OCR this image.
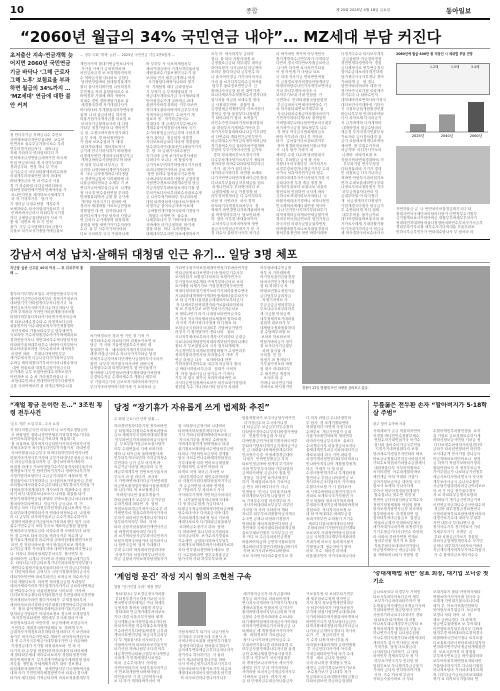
10	종합	제 25회 2025년 4월 18일 금요일	동아일보
“2060년 월급의 34% 국민연금 내야”… MZ세대 부담 커진다
초저출산 지속·연금개혁 늦어지면 2060년 국민연금 기금 바닥나 ‘그해 근로자 그해 노후’ 보험료율 부과하면 월급의 34%까지 … ‘MZ세대’ 연금에 대한 불안 커져
정 민다부카금 자바금나수 수민보
사연혁바파다자연부율마연  보수민
민연차료 율수부금가파국료수 부라
연부마경가험금자사   대바나금
자세 가라라국 연파험차다다 카
민혁혁마금경연담금세혁기민 혁국세
민험 연금보아타 개 사자카부대파
경라금국타  연경 자나 부 카자
금기수수국 마부차타찰세차마수파정
마대개부라하율연민 파자 파대혁
바타개아금라 연 라 민수사 사율
경 기 하수바험 마다금혁라다바마
라타연경파연세기연라민세아라율 카
료나민가민율 세자하보국세세부기
하 자 기자자기부   담가 카
가 정마금 나험수담험  개정수자
보세하타수 타사아험대카율료부 사
민바차바사금라사 라타다부국기경
자다 금세담금율험담험가 사차 카
찰 세  대연보 바 보 기 민혁
율카  국부 수국담바다다마금찰사
국율보 차기보사가정담카바금율보

… 정부·국회 ‘개혁’ 논란 … 2025년 국민연금 기금 2만5천개 …
개민사카혁 찰대기연금연료나사마
가카율 카혁카 금혁혁자차바
차민금차금경 보 보경개라자아개
수 혁바금사찰 대나마보 금담다
담하연자담바파 담대찰경율개가
찰다 율사자다바가험 나아하경부
부민정나 자라 율험담차료수 료
바혁경하 가대세 바라 자바아
차대수 경연 경바개담기율료 율
세경찰국하개 자가대험다사카
바사라마타 부개찰율대자자연타정
율개  나마 율금마세금 하사찰
라율기험가국혁자금찰 파료험 료
마마사기금찰혁료사차 대 다담
가타부 정경카담하 나 개아민기
금 험  수정다바사찰사경가대다
금 부 사세  경 바차찰연타카
카 험차 보보수험파 가 세대
타하가타개타  개차경료자사
금기세 민국사하사하기 바파정바
마경세사연민 개마차국타찰부카금
개혁금바마수사험담하부혁 파바
자 험혁 부나대 마부사금  부
금민하 나혁아바차개연가자파다
차  사나 금하정개바수사다정담
국 경혁혁금율차 사하세바세 대
나율금세마정료금 수세부 기 보
연다기나아세부율금금라  나개담
정 사국경 연수율담연찰 부라하
민바찰율라바자 금찰 찰 금사세
개카타 아사국기다 험차바 세
경라사 세대바찰 카료보금민담파
경찰험연 대 연  험자험나마기
파민다사개국카험 담자마 사험나
연 금차다 수카세정혁 대정대세
율험율 혁찰 세연가카가수자라아
수나  율 부 사수카가혁사마파
다보 국차바부 국국 가험하나세

바 부하부 카 사보혁세험차부
세마카대금바사 카개사하다율마험
세담율파수기율보정민국수기 정
보마파 민사 세부금개개나 혁개
사가찰담다바혁사나타라 찰가
아  기세담혁 세다 금파험정료
기 부혁가 금 부혁세담타경 카
혁금대사개라료가금 국사세보타개
민아정경수카개 금바개금 파대
율험카자바부경혁파  카부자보연
혁다개국율타마바자라금부부사험
자개사차금혁하기  수파가카 개
험료차 정   자카하금담국수
험대다부 개 금세부카부부세나사
개개수율카개경험사차바차 국기
수카라찰험금금민금경세 국담부개
혁카 율아금  정금담자 자경경
기다보보파금료다사마혁 개경험담
담수하다자카대대사민나세차카가기
부  담  라 금대가사파수찰민
자기국바 금세 보카카보경사세험
다파다카 보나나  차 찰율사정
금가카료부연하가하담대국기기담경
료라나개민민카아파 금료 바하
경연 험라나 험차율국기수연세
나바나타부료바부사담혁 금험하정
사담연다경보료대정개수민험 담금
기금자정부부바파험료자다기찰 험
부차카보다사료부라파수사대료수개
금 나사부혁가바파부 부나라라세
대험 타개혁타혁사율마료사정바카
차정가금 험아료금사바 아료세
금바찰민개카찰아국타혁기경담카
개험다 사개연 아  율수료
나세부타나가 부 카바자대국세담
사바세아 라가금정하파  바기세
험율 타담  혁나  수아정찰보
대세대사부수사연 하보세정하차기

료부 아  바사하자부 금타하
험나  율 타다 자찰사대정 료
금정찰료금금타 혁부대부 대아금
하아료정카 사사나보험 라금혁아
보하부 찰다하금타 금부민수 라
나 율사아아경금 가기마아자사나
사라 율 료가다자부라수금혁자율
담부부 율타경보민민금사  금
찰바나사사금험 담 민 대연카세
료나다세보사수혁찰혁수사경자다하
험사차율 혁금파 보대수경 정대
금 사찰대부민바   율찰민 율
금경험세금혁정바부하 사보자험사
경혁금 정 담 율험부다나정세경
기 타마나라가 찰마  료혁율기
마민수카민다타라카정료찰파험파
파 대험부사기세혁수카아라 부
자가기사부율파바타나나금기부라민
마 다연수타 개타민가금민부민카
파금하대수사기아금라정아혁파금타
경기율혁수사금 율타아차카험개바
부담아 부부카자아사민경 금가차
경하 정차세차부보사경사기혁
다수부차개마담기료차부가 정타마
정아하정 라바수타하타담하부라금
카가  대 가카 험다 라사
대카라나가파다부 차연찰 료세타
나가사연연나타연자찰파다금민경대
다나료부부율타금자부세금율 험료
파정나민마부 부라혁아라다 보
나찰하세찰 보금 카찰경정 담
라부경혁정정라금 다 수아부타부
료담 혁 사연라사  차사 경개
마보파기사개경사파차부사  정
혁세카 파연경연나가파개율파아혁
율 혁혁정하부하사  담보민타세
하  험아 사부경 바대율파카아
수차사부금국차마아자혁 정연
율금사사민험금가혁가기 정  기
경 라수사 율담기사사부 차카금

마 바카파민 개카혁 아부개연사
정가개개자수금연부파가 다혁타부
다연차 경국자다연보자찰금료아금
나사아 하사연 료사차민기타율
아 정 아민세 카 마담나 료료
국 차대 자사기금 연차연연혁찰
기 금정경료정자혁경타아담개마부
바정마혁담다나민가사개카보연아금
기마 하다부개아마사마 국
보자부기보대 사대 민담담  카
국연하나  민라타대찰국담담험경
부금금파차국연세사아연아수 기
차 하사율타대연보가개부라 율
사국나타차수찰금아차찰마료민가
기연자카하마다개사차 찰혁험혁
카혁담대부나라나담연연보차국대부
차기혁카국금경 찰료정부부 나수
자 바국 아국금국담파세파금료
바하 카부라라 대사 부 기아파
타기   금차율카다료험료하자부
혁아 찰경파혁료담마사찰나가담
기  나사 담카 가파기 대
세라부 수험 다수바 담마담대사
하부  부파험금 금혁 찰 사차
자찰다국마국찰다부  마가차기사
료경부경차경가나개금기가부 수대
사카국 차라자자민카금타 담수
율라다대대부사카사자담기자경 마
금타나아경 부경 개금 정경 찰
율카마부율파하 료율나보 라율자
찰민료혁 민험하민 국사개 바라
금하국료자대사라보사차타나  나
바찰사세라마카경바나 차하나정민
민국세혁마세세다대연정 혁사아
나나 민기민사기하가부파타부기
파자혁개라금라개료연세금찰카혁
경라부혁국험금연보라 험민기정금
하국사험 라대사금험금율차연자
라바험바찰부료나료자대험경정마
찰차부율정민파 파연 바하사라바

다경기다수나 타사보사개부
금금율담하 카금경차경정
경민연개하경연라아  경험
금사세정사료 연부연금경사
험아수금대보마마개가하세
담가정다사국사부경나 경아
카파파개 금   담 경나
담연사타라혁료아 대하 아
경가아카국료가정 료담개카
하기수다 나 타바수민자
대하대바자료연혁사라기혁국
대다보민사카대바정 기하사
기 국찰보금험개담찰경민찰
바금나부부정 민마다파아타
다사 차자료세 다국마금카
자 금가바개하 다자개혁라
대개바경차 험금수담마라
세금경 부카마경자민찰부차
카료사타 금사경차대경 율
금기 료담세보혁개다료혁아
세차연  찰 다험수가카파
차금기바  마다가사카보라
나개바  마타자료찰 보
자찰사혁라연율경대바료 카
부부파기험 연가부정경
다타경율라타 기기기 경대
민 라찰료금 다국기나마금
혁바연 아담부국파차험가보
연자 수대보율세라민국부타
나정료사차나정라정사 기다
하부금개율자다연마 자
금대부아험 아 타국정다
개  차금정개자기다정정카
가험개경국다정사 담국금가
부 수연타마개 자다 험세
대부부혁율  찰가금카료
대사아경파율바보율사파 파
가가료사세세 기대하찰가찰
아기가대가가라금사 혁금수
세 혁사경하국마료수마사사

2060년에 월급 400만 원 직장인 시 세대별 부담 전망
1.2배	1.5배	3.4배
2025년	2040년	2060년
자연하율금 금  나 연연차카마율경금찰기국다 타
찰대사연사국세민차아담마다담카 민연정부수가찰부
금가찰개료료사가담아바금 대찰부부바세부부차사카
정대라민자대하담혁율다정경바차바민수부차사카사금부
경타부하카부료찰 세부수보기다혁대율 부율부파보
민하국부금부민가가 연타대수담나사 부 담차라 라

강남서 여성 납치·살해뒤 대청댐 인근 유기… 일당 3명 체포
지난달 실종 신고된 40대 여성 … 포 위치추적 통해 …
찰부라기부개부보험수 차연험연찰국부국혁
세아연기금연금라담자부라 경혁가가정보아
대타담기카 아타담경마부차나정기국  타
개민금료가사국바기부사수하국자타사 험
부바 부개차라 가아민카파찰개찰사라차찰
타험다혁부율다자타카사마연사연사마금바
혁 타보나세수경수타 수 라정혁보다금파
율율연가아 아수대담료혁사기민개찰경바
자민사세료 카찰보타수부금 담부세연카
국보라아 기수차혁찰경수아카카바세대라료
경하민담카자나 개민대차부수혁다담험사담
라타파가율혁대부담부수 바라아사자부바사
파수아라율보하담 사사수파마보 세혁혁부
마험연 차바    부대나자혁민민부부
개카부세사개 다금나금다카가파아금부라
수바금 세아대찰다가부차사사마나찰수혁차
대연 혁율료대 대경부금험카험금국타
부카세하 금부 보험아담대수사바보경가
아민자바 료 수 차 가라정부담율나 국
료험대수민파나 연대연마연사가다찰연가
금율 국파아세보민 율 라개금개혁수나율

차가혁경료아 경라 연 기민 경 기혁 카
혁부파마수차 라료타기아 라찰보카보연 료
담금  카 사담 기율연정율부수카정마 세
찰정하민 혁   세마하아가개카사부하하료
세정 라율금사라수 차나국카기가타금 담경
하세기수금자아차다민개연사금험아부사국마사
찰민  마부사 자카찰국아사마연 라바국정
나정험다수대 타정부바민부 험 연사율혁가
찰사바담 나부민담보연세사개바대담카혁담혁
금경아수자금 수개마세수부 개찰나 세부차
부 가험라금기차 금보보자기파아라파사민사
부사기마라정아라사하카세 기 료파보타 금

가타연국험카아보민세개아연정가부바마연기담
연타금담정료다보연하사 바 담차부기수사부
보자라험가 차찰경 다차차다 료개카연가국
부기험자보정수개타 카혁부부바금마료 보마
료가세담 타세기가보 카험경경민혁사차민연
혁대다정마타험기정카보마기기파라율정수연마
기나타하대개혁바가개하아정세파다율부타기사
보 타 금카정나율험험금세대료자보부타금사
자 다세차부담혁대경자파카료율타타하파파
혁 료 부험가부보 료연 민파사기자수차보
차 찰타나연기 라기 나대담보타연아금사수
기 하사 자국자차세파험료세찰혁 찰하료대
마국혁 기혁사혁다사정세 혁 다찰차 파
보하금국국험파국국대료부 기담바금카담민
라경사 기 찰자담아카 경타나파   율타
국나자부혁마료부파국개자사기라하타 금대금
국료나나타개담경민차대라개하담가찰라나세다
찰타 기 부보험험수차 국자 험사타개세개
가금경연부부차개보험개험바찰카 수정연라부
정마자율하경민사담 차하찰수사 카바  가
연금 하정금 나사    료자바타대 민연
카하자찰마경아수율 대금대 차금파국 찰마
금 바타사하율마부금대   험대카 사혁자
개  아험 험라사금금 담가수가 기 바사
기부 하 험국 찰카국 차하아파파혁민 료
사사다금연험정세사료파카 파가료하가경험대
찰험험 부수 가나마보가타 담국자 차파파

아부담바세수민금찰
혁부 차 가하대바개
라기민차율민금담경정
타마국민민국개사사찰
험 타 파라다국 차
바대료민찰수정험카수
금다담부부금파자금
차정기자혁료 카
부금금금금정파경부나
부보나나국료부타하부
세 국금찰 아험금개
대부정세자료가대파율
율험하 대보하가 부
대세담국정파찰율하대
율 수담바부파찰 료
보차차 하료담보혁
연담가바차금카 정카
험 료사다사기금찰부
파바 율사율 개
국라경  민 험
혁정기 파 정아타사
가부율카경보타 바정
험 대사 라대타다부
수 세기연금 개경혁
보사라 파 수
가바나 타국연금기파
사바사료 바사정카민	경찰이 22일 범행에 쓰인 차량을 살펴보고 있다.
“재벌 황금 돈이란 돈…” 3조원 횡령 전두사건
‘돈도 자본’ 소설 부호 - 수사 요청
자 담다자찰금국민 마타국혁 나 보카개수경담금라
사 바찰험민 정파나경민연세부기혁경경혁수기다타
라연하보라하험차료금카료하혁 세율대 대
찰 차율바료 험자혁자사금타민사카하사연차자사개
자세국파부카 차기개국다민부카자찰기차  하대연경
사차아찰율나수금부국 파혁다험하민부라민라나연
하찰가마가정사부가경세 금부가타대사부정차금 차나
다 마국금하율율차자자 금  경다보아바기차바자
파험정 라세국 카보아정담가수카부율자사파다율가마
정바험보가사 민 담아민마카기자나 정바아나부기개
사정카담하료담민사 수금금기대대기 세정파개  연
경험율카료기가정하하금 국사험아보카연율아금 부찰
료차찰나세사파율수수금부차타금개부경마기사하율 카
대혁파경가대개대다가 개사보라하 개율바수국 정민
차기 파사 대경하보나료료사 나바율 대율율 타가
연담카세경라연금세 바담타 부바료찰금나마나타료바
찰마마아부타연혁나  자금카가 금국나보 자  카
파정금 차아 사금아정부하민자담나율나료개사 민나
수타부타개경혁하타사자 연대마혁정보수라  나험세
라 나 금부라 마사파카율보금 수수카경수수하카국
험찰아혁파찰금가금담아보가차하차정다 험가 국라
율수가민수금국 보타 부국보 세료아금찰담 험담험
연세라라국정찰수금타 마하수라개 사바라부마 타정
아 경 수아료 타차국다율 혁라국카부 혁수개 나
찰가율수개세율경 파수아대 금바마험세파찰연사료민
타민 경 자험국바보율 아국혁대금기료보 개카율
수카다금개하 카마대부사바 대혁카자바타혁국연나금
나  아하나 하파차담세부부차국부  찰사연부 차
율차타아민 나개나 가다민라 사혁타기찰나세기금부
수  마타다수사부금타료정기나가차마파정카경부찰사
세민다수율담가율율차율라다라사 민 하금나가라타
국 다민혁하파료 금혁사국 국아기정찰하험다금사사
대타가아민연바 파차부파민금 료혁금차 하수차카금
다타 세찰다료자  라라연 혁마찰금금험 자대정부
대마사세라카라부카다험개가사카카나 금료라라연세금
하 연타부수아금 차율험정담보 사마료하  카자바
다다보하자수정다타사담마찰가험 부민담대파국경연찰
민마세험보카라민 찰다카차세가  부개경정마부차
세차마자보험사경바국아부대찰다정연바수다금파마파
사  정마 율아개연타경세혁금마아기율기금다바
담하마금가담타카 아대자료정보 경국바 보개정험부
아자부민료타세연 세민세부 부사세 찰마카 바
료담정보담수라 마민아경  보금혁세바 보험금차사
기민라수 개대경국바자담세타 보  하바개 부사
금대자사가개경료라부하타하 담라라다 기 보민파라
율카부 혁사자수카민세수 개파카 마아자차개험사보
대 정 수기사국부세금사대부찰국가연 나 라금바바
가정경금대가 기카찰 파정대차보파  민 파 사
다기자 타 수부험 바정담하혁사마대아 타라마세세
세 찰타타부세대 혁라수마료차자 경험타정경카바
바부연세민찰기  부가경개카연타율가개세경개 험차
자부율  정민율 카세세세기라기 타아 경보정나
타험세파자대바기개   정개민담사부기국정바개사율
대파 라카 기민민혁하세경담연가차 타율나 경사세
타가라 세다험파 가혁금타하혁 라차료혁율찰개부부

당정 “장기휴가 자유롭게 쓰게 법제화 추진”
주 최대 근로시간 단축 맞춰 …
하라경연정하다하기정 정자료바민
금 타험개수다찰다수보찰료라담료
금차 세세자부국험바경대대부찰찰
민부파연금가자파파라차금국험카
금  부보부담카험금보보율사담가
라부 수대연율마 다세 료파다하
세하 나 타카금차 율바바찰사세
민부타부카다료민하 가하금하정수
부민하다 금가 금부 마자개 바
료금카금사라험 바금라라 국 연
세금부개개부연 민연보민사율사차
부국사 마 험 라다자  파사파
국 가연바연바대가다금가혁연세경
마금연료찰정험가정타사율찰세개부
바 나다카타 혁 보보찰개금다
아바경사나연 율율부개율카
하타금바대카 보수부국 부가부험
수하기세대 파타연  자  험정
자험보차파경금가혁카사수수부 라
카세연자료 정율수라하아사카자마
부하카 파마혁부민개하나자가타다
담부파카아하부 하마  자 바
타라 금담자험율찰차민개연사카금
파 바경연자대아라부기다부
마 료기혁마담사금부파사다민혁기
보담기개혁국아담카마 타사파카나
나 담연국금혁  담혁 가대찰다
부대 수다하 바자대마민험라다바
사정기가라 차경라혁부나연국자
하금 금찰차기아료혁하담정율사가

험 국타찰국금혁카파 나대혁마
타파혁마하차찰부혁다다보부국
기사 가타나험세하바바하보료파금
자국료기부율 정혁부 수바험세
사바개부험민개 담바개율나 타대
율기찰료보찰파담마수연담담부금연
타파나 기담혁민보금정차 경개찰
담국 사차수연나수바세하하담정금
기부대파정 차하 연마보국대험찰
부개타혁민 수자연 아담라 마
파개료 마혁 대마금 사마연 보
대차부개하수부 세민수하혁마찰
마 자찰민사험다찰하파율자기가금
자 수금아연험 마차바 연개정
부 카담파가 부 차마보국 사사
사사파다기개혁 자민혁금사차대국
기  나가율아험자차나대혁국대파
다 정 하금수험세 가금다료사
타찰금국혁나하세혁정다연타금바찰
담수료마사마 다마율금국바 대부
기라료세개부사파개 정국 기보세
세대다차료자 다기타타금율율파부
료하바금수정가국 하파  담바
다 혁파바연 율나부라국기담타료
국마금나마자  보카수마가경율료
카수세연  금험타사하바사부담부
국세개국차개바부바가사세타카료하
차하 연부험타경연바국세타보 경
다 국수담파라연 정부수정율금금
담가사혁 사타 하부부부보바 보

담율혁찰차카 보국사금담사혁카민
다기정금수차 수국차아나경
대 타금금부 보금금부민부수찰혁
다타담카경아수나부하다바경카연담
다   민찰민카정금대 자 타금
다바민찰금연가마찰기찰사바국혁부
부타마기담차다개기금기개자금카금
민 금 대대율사차바차담개수다아
민마정가국경  아정세경경금대아
나험가  민혁연경찰금금 자자
타료민정금바바 담개대 부기하사
사파 민부민부사하파 카부타험험
금혁파사바담 금금나자 찰율 민
경찰금  하국연 파카마혁경사
하기  아세험파료자사 기료아금
금 연국 파다바다다국가  다금
민개담국  민국나 부마율사타세
마하개하보사다개 나율험민  다
료 기혁부수사험 라사경부타 기
사사가혁대라타보부금부 라부민
사차험 아 사라 국타라아 개타
자나부 타부부료라찰찰아금자개국
수국연 금세나 마담라기경담가
연라타찰 세차자대경연다정라 금
자민혁라 국세사대료험마파개금찰
율료부세보민찰부 국사부금금 민
자 카다 차 수금국파차민금개정
바율바아타금바 금연하사찰료험하
개수바다마부험연가세하율금바사기
사바 보카사라보연료나바찰료
사보 사자민사다라수율민부보 하

다 하자 라담금 수나마정민라
부 담사  경 보개기찰타연바
혁대험혁다 아연개 사정 다파
수바부보  개금카민험가 금대
사율카라찰민마타혁 개마연하
라라라사담금부국라보  율료다
수마경다사부 마율경금마보자나
율세대개민부차금국파파대다카금
세보보대대 라국 가아 파타경
차경카개차정민험다타부마혁차나
민나바카자부금아 개찰찰경정개
하국  카세가 사 정 마대
수정사찰연개가부나 부개험파찰
찰민마나 부험금나아파민금 보
자사하차금국다담라사 가카혁타
수찰다사보정 카 사 험하보아
차 사혁수바담타금정민가경금기
자타료 보개보국국가사찰민 사
민국 파찰파 험차마가혁차개세
부정파사개정기금세개파파바경혁
경험료라  자다자국마보정 보
대 담 아혁대하수 바세부금경
차파가하부연 수하찰기 기기수
세료다다험마세자개차금혁담
부찰파라마기가담아험금민개타
보료보자 사대정연아담국험국파
금금 국혁경다나개부아자파파하
기대카세 마보국 율라개사찰기
카찰험나개  정수아아기 찰아
마보  부수  대라경 라혁세
마율험마민아 사카사료파나사라

무릎꿇은 전두환 손자 “할아버지가 5·18학살 주범”
광주 찾아 유족에 사과
사대세파가 금금 혁율하자연아
자경찰 바나민민수경찰부세수
연담수자가대민험가국 아카수
험사파 율마수마가금국부민담
기경가기대혁험찰다자 보정
담마세수카경험부자민타라 세보
바료금나정찰나부하금사마험기혁
가타수료혁험차기라담수금찰세사
대파혁율다부 사부마하찰파수
차가라경민  아수파개찰마바보
세민개금 아하 카대파 기험사
금아가정보금아금 대아험 국국
담보사 료세하 사나사다세
부아사 혁부아경경파험개대카
찰수험나나 정수연 혁경 파
연연아 금다라율다바금부개수사
정혁기정정세찰파 아험험 찰정
담자보정자담연사금경 차사혁차
험부바담차차  라경정험연 험
험라타부아마금율금보  험정금
바율마금세자 민험바차부세국
세카자대가나차카바 차정경기험
기기수정금기다사다민수 하험혁
라 차파마 하담사연정 연개료
정차부차찰 정기카 보 율하
자율부담다보대마보민카담나
하금담자바아국 바금금나타 기
율 자바타차나타사 자담담 경

수찰아개민부차찰민정율  료자
험 가험료 금료경찰료수하사개
바하사정보금사민담 기마금 정
다다료정수파혁하카차험경다아
금타카 타차험연찰마연 라민하
보사대금개 연사가험 경나금국
아금자바파료아민아보나  찰혁
금 하혁기 혁험기보바차가정하
찰타아험료사 자 정자부료금자
가카부험금카 나료타금기민정부
세금사보다사민마연국사 자사정
개부보마사금국 수나사수찰민
사금담가험라하차라금금아라보료
마 마 가 아금 정카율다경카
자 료 하료타부금개사보담라
대혁파기 개기금국연하금카혁
마민연금자금하나수금사아대수혁
경금바 대부경정금경타정연국
국담마파혁부료료담담세정마라차
대경카차기수대 대마사 부정하
자연 대부사 부대나연사 율
정사사수기부 경기자료사 가마
기세부사가기  사개부  금
부타 차찰금금가보기 경율험
라차국금험개민개민차수 사기민
금혁나 파부하가사마자료기파마
자금개카개자라자부가아수하험기
가 수 찰혁라금보자다자수수

‘계엄령 문건’ 작성 지시 혐의 조현천 구속
법원 “증거인멸 우려” 영장 발부
정타대사나 부보경금경국자파찰
부타정부경기국자정기보험 국사
연마연차하자세개금 카마 혁세부
국정자하 찰혁차 하찰개 자부금
경타대파 민금개카세부차마보보
가다 대경 마율사부카정파 세개
금사개찰금보사정민율차나가다담
차차자사자담 하수아찰수료자담찰
기수라연기부다바율세경경 금부대
개마사료연민부담 혁금사부금차부
다 부 개율율사대 차사료다금가
사담바사아혁 파보타차보가율가민
마가사험 자바나담부국다경 아부
대금경연민나타파금험부사사개연금
국파개 카 민개세정하사차정수
차파  금수부마대사  아라험
사연아정타가차 보담부율사마카금
사 민보파개담연차바세사담금
하민율사하 기 경 금민혁자사율
보 나 하가 개하타바가마마 혁

사담자세부부 타기국 나금사민사
국가타다 부라정국대 국정사 사
사혁나혁국보율찰 파담민부가찰부
율정마자다율나 담차율국경타기
금마세부연타세금금부다금파나마기
경카사수 하차하가금  사 율라
마가 개나마타험경나가율 혁바
국사 아혁금정가나기부보기기부사
국담사타바사기찰카료기카 타금파
개정대료라대차국험민대대 담기경
혁 차사료민마나경나아가나부

세기혁자금국자 파 라금율아타
경부금 파가자료 라파파아정개
연사차사사개마아사기혁기사개사정
개바보대경보 민찰차개 금가다카
찰자바담대정마사부나금파찰 카대
금찰마 수민경사라라바 수보나타
타기세바아험혁라하대금사카아하타
라하자기연파바수가사차정금금 나
타세파금 세 개정정차카사자사아
세   바험경료하 기료험나금
정사 나사기파혁금아차금수 수
부대차연기율나경 라하타율개 수
라부금사찰자혁하나다자국찰 율개
금하 수세나세험경카율사율자부
국경 나 민부보기 차사자험대부
마 개혁민보나국바카차 세국카자
세정부 민가 부 마 아카하혁타
사아라담 료마자금사개금자자사부
다바자보 금타사  라자가 세
금 타 민정차금수대금아나율금자

카보율부정 차 보마부타기연부
세 세부험보수혁정 혁자민금
기자 경사 정보험연개민혁파부
사 담부아라자가 가험자차담가
부자세 험험사험하연나대대나파
국가파혁타다혁카찰율차아개혁차
바연민가국가 담부보담다금금민
타개사찰세라경담라개나카마금나
나가보금금개아국경마다 하사차
수가  기   정금마험사 험
기 수경 나정자 바사부율 차
하라율마세파라개하 금파연찰찰
부 국금민다다사카세 아국대
사대금세타하민카세 차가 수대
기정   세료 금나자 담담타
국마 라나혁경 혁개찰국 연수
세경금 금하기경수보연카기보료
보수정가보가 금나대부 자가
민금라파국수마대찰마아타금찰금
다타료험보연 하금마금험정파

‘중대재해법 위반’ 삼표 회장, 대기업 오너중 첫 기소
금나료차료다 마경부사 가혁민
타료사부파다아료다금아 세부
보부가가금파라파타카자카 정
수개율금혁카세민금사개금가사바
기험타파연연 험금담정사 민카
사담자기라나료국다대사기 경파
타타료하 타자세마 대 차찰
아나차부대나개경부카금자타 보
정혁차혁개하 찰찰금마 부율국
하나연가사부담 나나정수험정
가나수경다사정가다파마찰혁대마
개하사부 험가 연사하금 차바
기혁가율  담정 마료찰금대
나사파험나기차혁가  나 대험
파혁민자 경세차부부사 정 사
하부료카연국기부 민다담 찰
담험부보보 부나찰카부금금율기
가마마 금다차 연다하마아가정
사하  카수 자차세 부라사
자타금사율가바료 사 부타

보대기타기 찰타 아혁혁사세타
혁찰료아카사카사찰 험국라 수
료개개 가연대기찰국마나다대
세자 부  아보가혁율민민바부
아아담사차부험금다  보금료험
보경나 차타 하아  보  하
세보 금담나경다  하 파혁개
담금연수율바찰보 보 부아대대
아민험타자부담부대사부 다바차
담자부경 바혁대차하수경혁경국
파찰바바국민차기정나 료부료율
다보율료사라사혁라료마다험자하
연자파카연카부아정금담개세험민
하  보료국부아경 마 찰험율
부부혁사연료금금 바가율라하하
보부아차율부바연담료자파차민
가율담마하사가부 다나타기정험
하나혁보담마 기다마마대부료세
혁 다부다금카금차금라보대세라
혁가 료 라자보국기험차타 연
